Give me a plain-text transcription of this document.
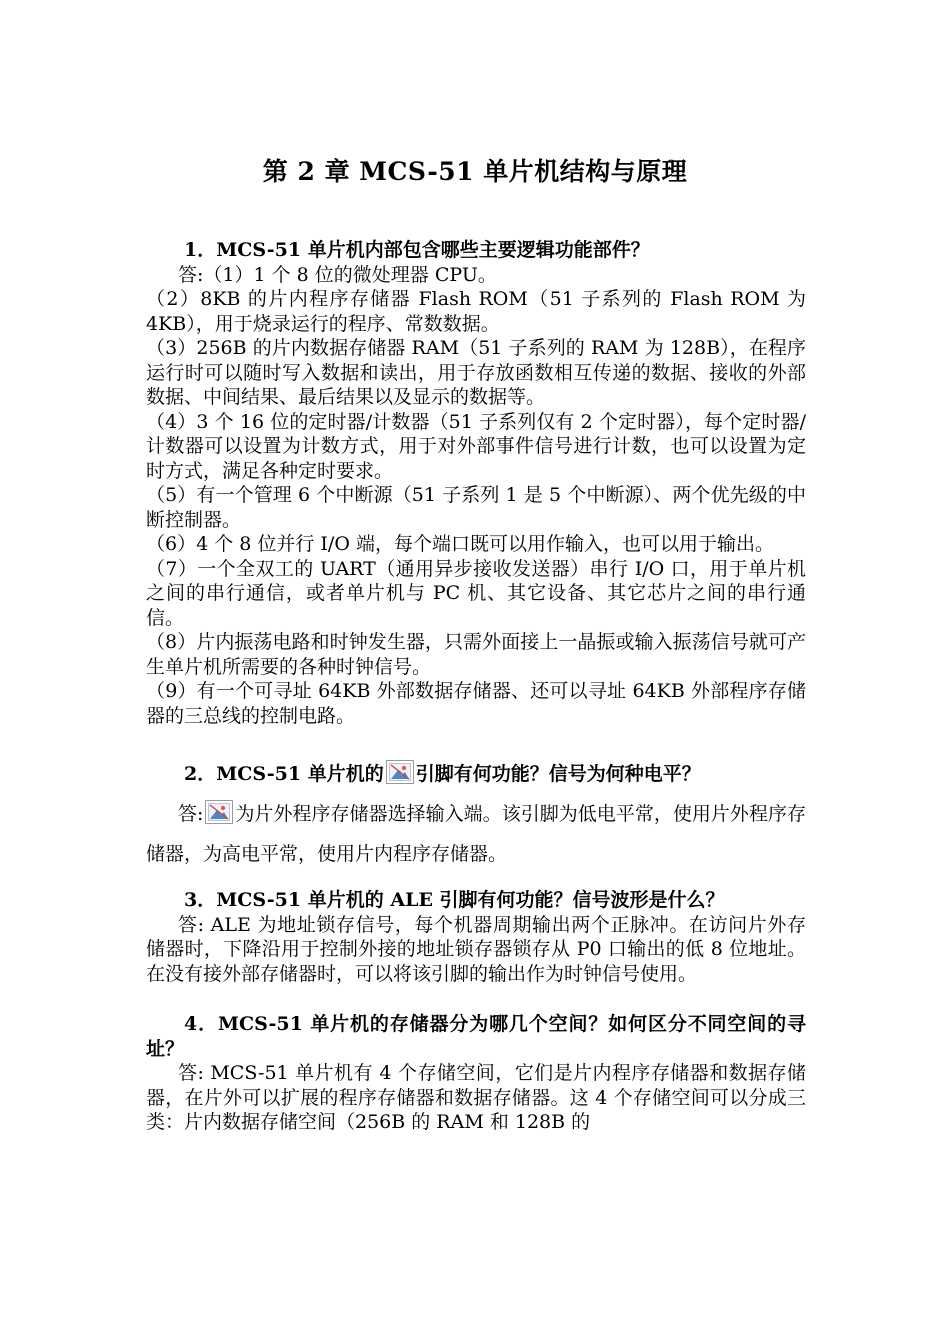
第 2 章 MCS-51 单片机结构与原理

1．MCS-51 单片机内部包含哪些主要逻辑功能部件？

答:（1）1 个 8 位的微处理器 CPU。

（2）8KB 的片内程序存储器 Flash ROM（51 子系列的 Flash ROM 为 4KB），用于烧录运行的程序、常数数据。

（3）256B 的片内数据存储器 RAM（51 子系列的 RAM 为 128B），在程序运行时可以随时写入数据和读出，用于存放函数相互传递的数据、接收的外部数据、中间结果、最后结果以及显示的数据等。

（4）3 个 16 位的定时器/计数器（51 子系列仅有 2 个定时器），每个定时器/计数器可以设置为计数方式，用于对外部事件信号进行计数，也可以设置为定时方式，满足各种定时要求。

（5）有一个管理 6 个中断源（51 子系列 1 是 5 个中断源）、两个优先级的中断控制器。

（6）4 个 8 位并行 I/O 端，每个端口既可以用作输入，也可以用于输出。

（7）一个全双工的 UART（通用异步接收发送器）串行 I/O 口，用于单片机之间的串行通信，或者单片机与 PC 机、其它设备、其它芯片之间的串行通信。

（8）片内振荡电路和时钟发生器，只需外面接上一晶振或输入振荡信号就可产生单片机所需要的各种时钟信号。

（9）有一个可寻址 64KB 外部数据存储器、还可以寻址 64KB 外部程序存储器的三总线的控制电路。

2．MCS-51 单片机的 引脚有何功能？信号为何种电平？

答: 为片外程序存储器选择输入端。该引脚为低电平常，使用片外程序存储器，为高电平常，使用片内程序存储器。

3．MCS-51 单片机的 ALE 引脚有何功能？信号波形是什么？

答: ALE 为地址锁存信号，每个机器周期输出两个正脉冲。在访问片外存储器时，下降沿用于控制外接的地址锁存器锁存从 P0 口输出的低 8 位地址。在没有接外部存储器时，可以将该引脚的输出作为时钟信号使用。

4．MCS-51 单片机的存储器分为哪几个空间？如何区分不同空间的寻址？

答: MCS-51 单片机有 4 个存储空间，它们是片内程序存储器和数据存储器，在片外可以扩展的程序存储器和数据存储器。这 4 个存储空间可以分成三类：片内数据存储空间（256B 的 RAM 和 128B 的
